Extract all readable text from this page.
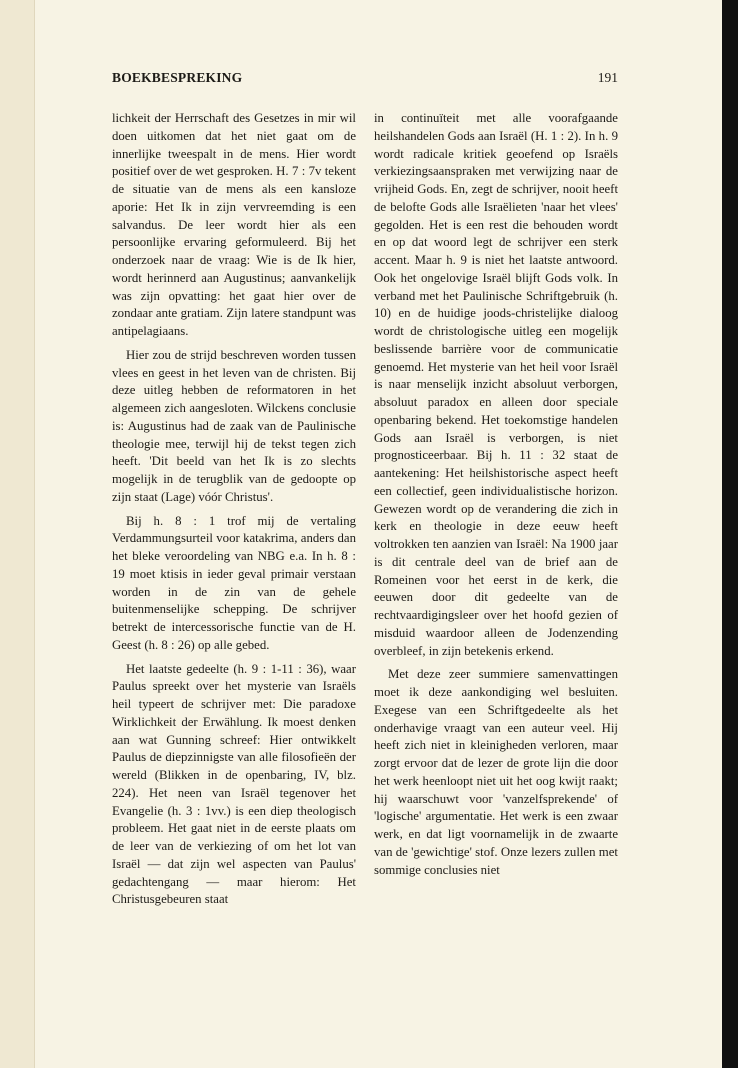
BOEKBESPREKING	191

lichkeit der Herrschaft des Gesetzes in mir wil doen uitkomen dat het niet gaat om de innerlijke tweespalt in de mens. Hier wordt positief over de wet gesproken. H. 7 : 7v tekent de situatie van de mens als een kansloze aporie: Het Ik in zijn vervreemding is een salvandus. De leer wordt hier als een persoonlijke ervaring geformuleerd. Bij het onderzoek naar de vraag: Wie is de Ik hier, wordt herinnerd aan Augustinus; aanvankelijk was zijn opvatting: het gaat hier over de zondaar ante gratiam. Zijn latere standpunt was antipelagiaans.

Hier zou de strijd beschreven worden tussen vlees en geest in het leven van de christen. Bij deze uitleg hebben de reformatoren in het algemeen zich aangesloten. Wilckens conclusie is: Augustinus had de zaak van de Paulinische theologie mee, terwijl hij de tekst tegen zich heeft. 'Dit beeld van het Ik is zo slechts mogelijk in de terugblik van de gedoopte op zijn staat (Lage) vóór Christus'.

Bij h. 8 : 1 trof mij de vertaling Verdammungsurteil voor katakrima, anders dan het bleke veroordeling van NBG e.a. In h. 8 : 19 moet ktisis in ieder geval primair verstaan worden in de zin van de gehele buitenmenselijke schepping. De schrijver betrekt de intercessorische functie van de H. Geest (h. 8 : 26) op alle gebed.

Het laatste gedeelte (h. 9 : 1-11 : 36), waar Paulus spreekt over het mysterie van Israëls heil typeert de schrijver met: Die paradoxe Wirklichkeit der Erwählung. Ik moest denken aan wat Gunning schreef: Hier ontwikkelt Paulus de diepzinnigste van alle filosofieën der wereld (Blikken in de openbaring, IV, blz. 224). Het neen van Israël tegenover het Evangelie (h. 3 : 1vv.) is een diep theologisch probleem. Het gaat niet in de eerste plaats om de leer van de verkiezing of om het lot van Israël — dat zijn wel aspecten van Paulus' gedachtengang — maar hierom: Het Christusgebeuren staat

in continuïteit met alle voorafgaande heilshandelen Gods aan Israël (H. 1 : 2). In h. 9 wordt radicale kritiek geoefend op Israëls verkiezingsaanspraken met verwijzing naar de vrijheid Gods. En, zegt de schrijver, nooit heeft de belofte Gods alle Israëlieten 'naar het vlees' gegolden. Het is een rest die behouden wordt en op dat woord legt de schrijver een sterk accent. Maar h. 9 is niet het laatste antwoord. Ook het ongelovige Israël blijft Gods volk. In verband met het Paulinische Schriftgebruik (h. 10) en de huidige joods-christelijke dialoog wordt de christologische uitleg een mogelijk beslissende barrière voor de communicatie genoemd. Het mysterie van het heil voor Israël is naar menselijk inzicht absoluut verborgen, absoluut paradox en alleen door speciale openbaring bekend. Het toekomstige handelen Gods aan Israël is verborgen, is niet prognosticeerbaar. Bij h. 11 : 32 staat de aantekening: Het heilshistorische aspect heeft een collectief, geen individualistische horizon. Gewezen wordt op de verandering die zich in kerk en theologie in deze eeuw heeft voltrokken ten aanzien van Israël: Na 1900 jaar is dit centrale deel van de brief aan de Romeinen voor het eerst in de kerk, die eeuwen door dit gedeelte van de rechtvaardigingsleer over het hoofd gezien of misduid waardoor alleen de Jodenzending overbleef, in zijn betekenis erkend.

Met deze zeer summiere samenvattingen moet ik deze aankondiging wel besluiten. Exegese van een Schriftgedeelte als het onderhavige vraagt van een auteur veel. Hij heeft zich niet in kleinigheden verloren, maar zorgt ervoor dat de lezer de grote lijn die door het werk heenloopt niet uit het oog kwijt raakt; hij waarschuwt voor 'vanzelfsprekende' of 'logische' argumentatie. Het werk is een zwaar werk, en dat ligt voornamelijk in de zwaarte van de 'gewichtige' stof. Onze lezers zullen met sommige conclusies niet
